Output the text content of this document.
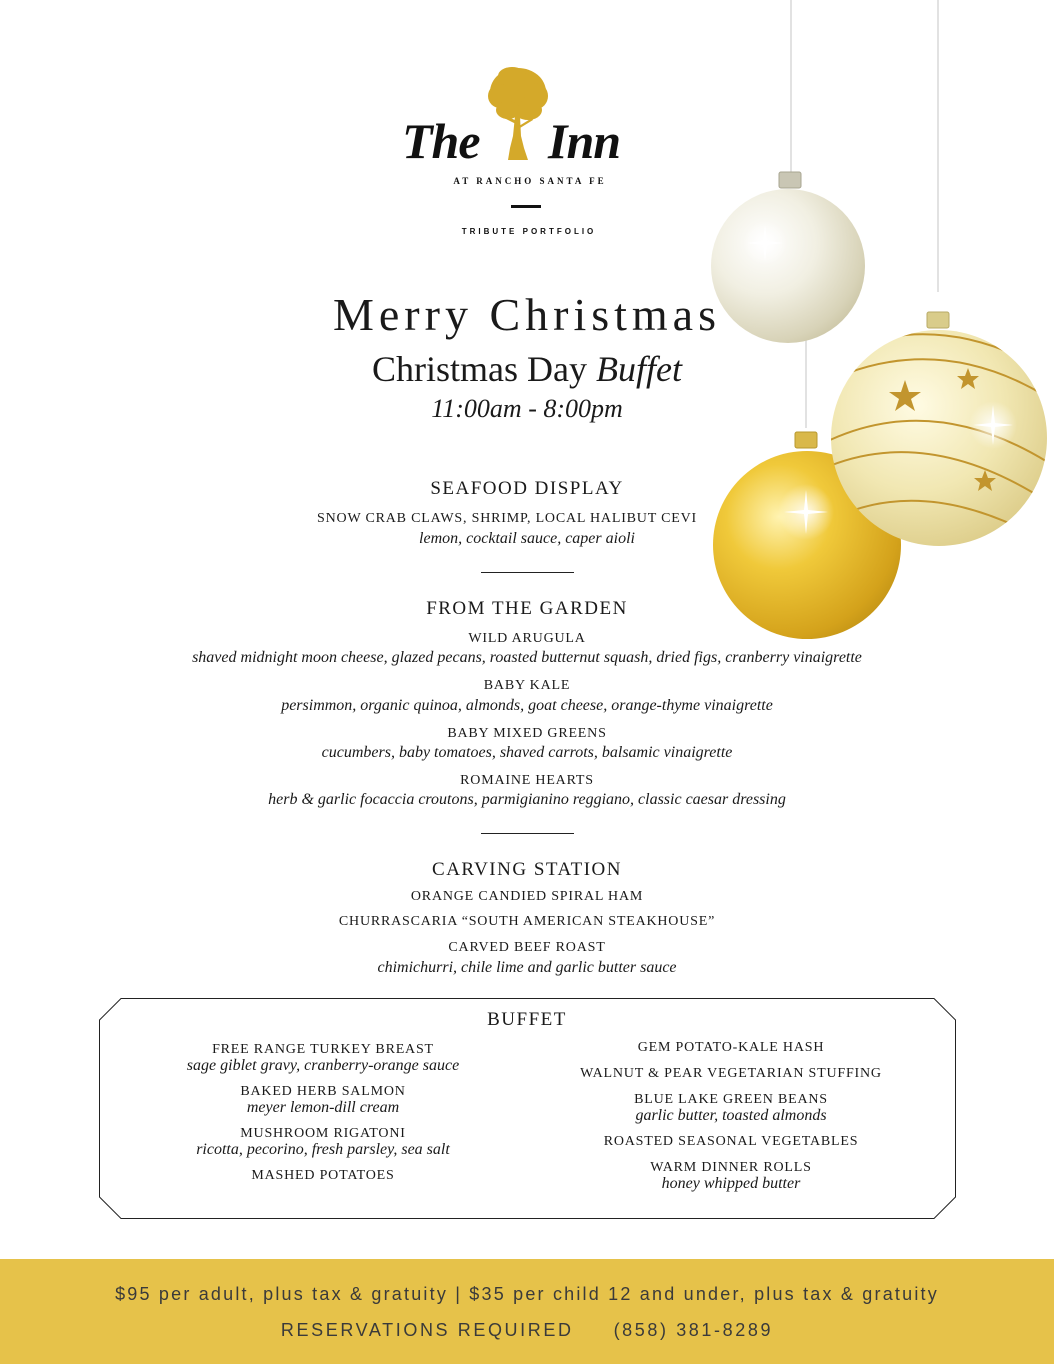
The Inn
AT RANCHO SANTA FE
TRIBUTE PORTFOLIO
Merry Christmas
Christmas Day Buffet
11:00am - 8:00pm
SEAFOOD DISPLAY
SNOW CRAB CLAWS, SHRIMP, LOCAL HALIBUT CEVI
lemon, cocktail sauce, caper aioli
FROM THE GARDEN
WILD ARUGULA
shaved midnight moon cheese, glazed pecans, roasted butternut squash, dried figs, cranberry vinaigrette
BABY KALE
persimmon, organic quinoa, almonds, goat cheese, orange-thyme vinaigrette
BABY MIXED GREENS
cucumbers, baby tomatoes, shaved carrots, balsamic vinaigrette
ROMAINE HEARTS
herb & garlic focaccia croutons, parmigianino reggiano, classic caesar dressing
CARVING STATION
ORANGE CANDIED SPIRAL HAM
CHURRASCARIA “SOUTH AMERICAN STEAKHOUSE”
CARVED BEEF ROAST
chimichurri, chile lime and garlic butter sauce
BUFFET
FREE RANGE TURKEY BREAST
sage giblet gravy, cranberry-orange sauce
BAKED HERB SALMON
meyer lemon-dill cream
MUSHROOM RIGATONI
ricotta, pecorino, fresh parsley, sea salt
MASHED POTATOES
GEM POTATO-KALE HASH
WALNUT & PEAR VEGETARIAN STUFFING
BLUE LAKE GREEN BEANS
garlic butter, toasted almonds
ROASTED SEASONAL VEGETABLES
WARM DINNER ROLLS
honey whipped butter
$95 per adult, plus tax & gratuity | $35 per child 12 and under, plus tax & gratuity
RESERVATIONS REQUIRED (858) 381-8289
